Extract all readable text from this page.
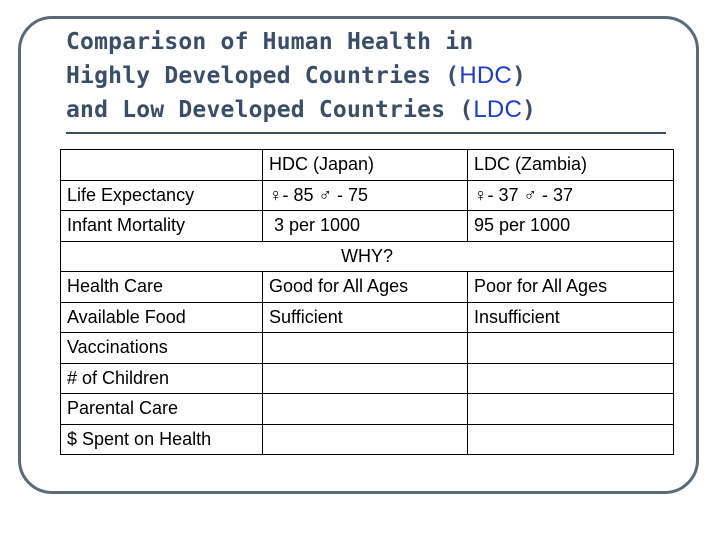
Comparison of Human Health in
Highly Developed Countries (HDC)
and Low Developed Countries (LDC)
	HDC (Japan)	LDC (Zambia)
Life Expectancy	♀- 85 ♂ - 75	♀- 37 ♂ - 37
Infant Mortality	3 per 1000	95 per 1000
WHY?		
Health Care	Good for All Ages	Poor for All Ages
Available Food	Sufficient	Insufficient
Vaccinations		
# of Children		
Parental Care		
$ Spent on Health		
